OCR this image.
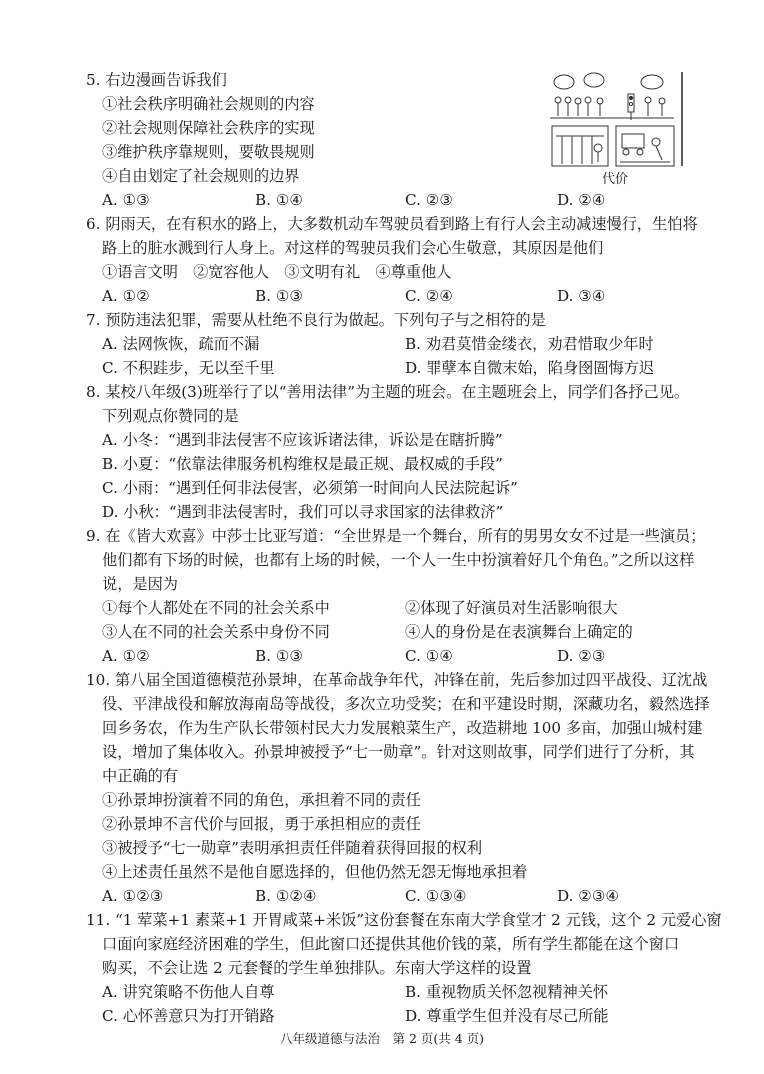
5. 右边漫画告诉我们
①社会秩序明确社会规则的内容
②社会规则保障社会秩序的实现
③维护秩序靠规则，要敬畏规则
④自由划定了社会规则的边界
A. ①③	B. ①④	C. ②③	D. ②④
代价
6. 阴雨天，在有积水的路上，大多数机动车驾驶员看到路上有行人会主动减速慢行，生怕将
路上的脏水溅到行人身上。对这样的驾驶员我们会心生敬意，其原因是他们
①语言文明　②宽容他人　③文明有礼　④尊重他人
A. ①②	B. ①③	C. ②④	D. ③④
7. 预防违法犯罪，需要从杜绝不良行为做起。下列句子与之相符的是
A. 法网恢恢，疏而不漏	B. 劝君莫惜金缕衣，劝君惜取少年时
C. 不积跬步，无以至千里	D. 罪孽本自微末始，陷身囹圄悔方迟
8. 某校八年级(3)班举行了以“善用法律”为主题的班会。在主题班会上，同学们各抒己见。
下列观点你赞同的是
A. 小冬：“遇到非法侵害不应该诉诸法律，诉讼是在瞎折腾”
B. 小夏：“依靠法律服务机构维权是最正规、最权威的手段”
C. 小雨：“遇到任何非法侵害，必须第一时间向人民法院起诉”
D. 小秋：“遇到非法侵害时，我们可以寻求国家的法律救济”
9. 在《皆大欢喜》中莎士比亚写道：“全世界是一个舞台，所有的男男女女不过是一些演员；
他们都有下场的时候，也都有上场的时候，一个人一生中扮演着好几个角色。”之所以这样
说，是因为
①每个人都处在不同的社会关系中	②体现了好演员对生活影响很大
③人在不同的社会关系中身份不同	④人的身份是在表演舞台上确定的
A. ①②	B. ①③	C. ①④	D. ②③
10. 第八届全国道德模范孙景坤，在革命战争年代，冲锋在前，先后参加过四平战役、辽沈战
役、平津战役和解放海南岛等战役，多次立功受奖；在和平建设时期，深藏功名，毅然选择
回乡务农，作为生产队长带领村民大力发展粮菜生产，改造耕地 100 多亩，加强山城村建
设，增加了集体收入。孙景坤被授予“七一勋章”。针对这则故事，同学们进行了分析，其
中正确的有
①孙景坤扮演着不同的角色，承担着不同的责任
②孙景坤不言代价与回报，勇于承担相应的责任
③被授予“七一勋章”表明承担责任伴随着获得回报的权利
④上述责任虽然不是他自愿选择的，但他仍然无怨无悔地承担着
A. ①②③	B. ①②④	C. ①③④	D. ②③④
11. “1 荤菜+1 素菜+1 开胃咸菜+米饭”这份套餐在东南大学食堂才 2 元钱，这个 2 元爱心窗
口面向家庭经济困难的学生，但此窗口还提供其他价钱的菜，所有学生都能在这个窗口
购买，不会让选 2 元套餐的学生单独排队。东南大学这样的设置
A. 讲究策略不伤他人自尊	B. 重视物质关怀忽视精神关怀
C. 心怀善意只为打开销路	D. 尊重学生但并没有尽己所能
八年级道德与法治　第 2 页(共 4 页)
